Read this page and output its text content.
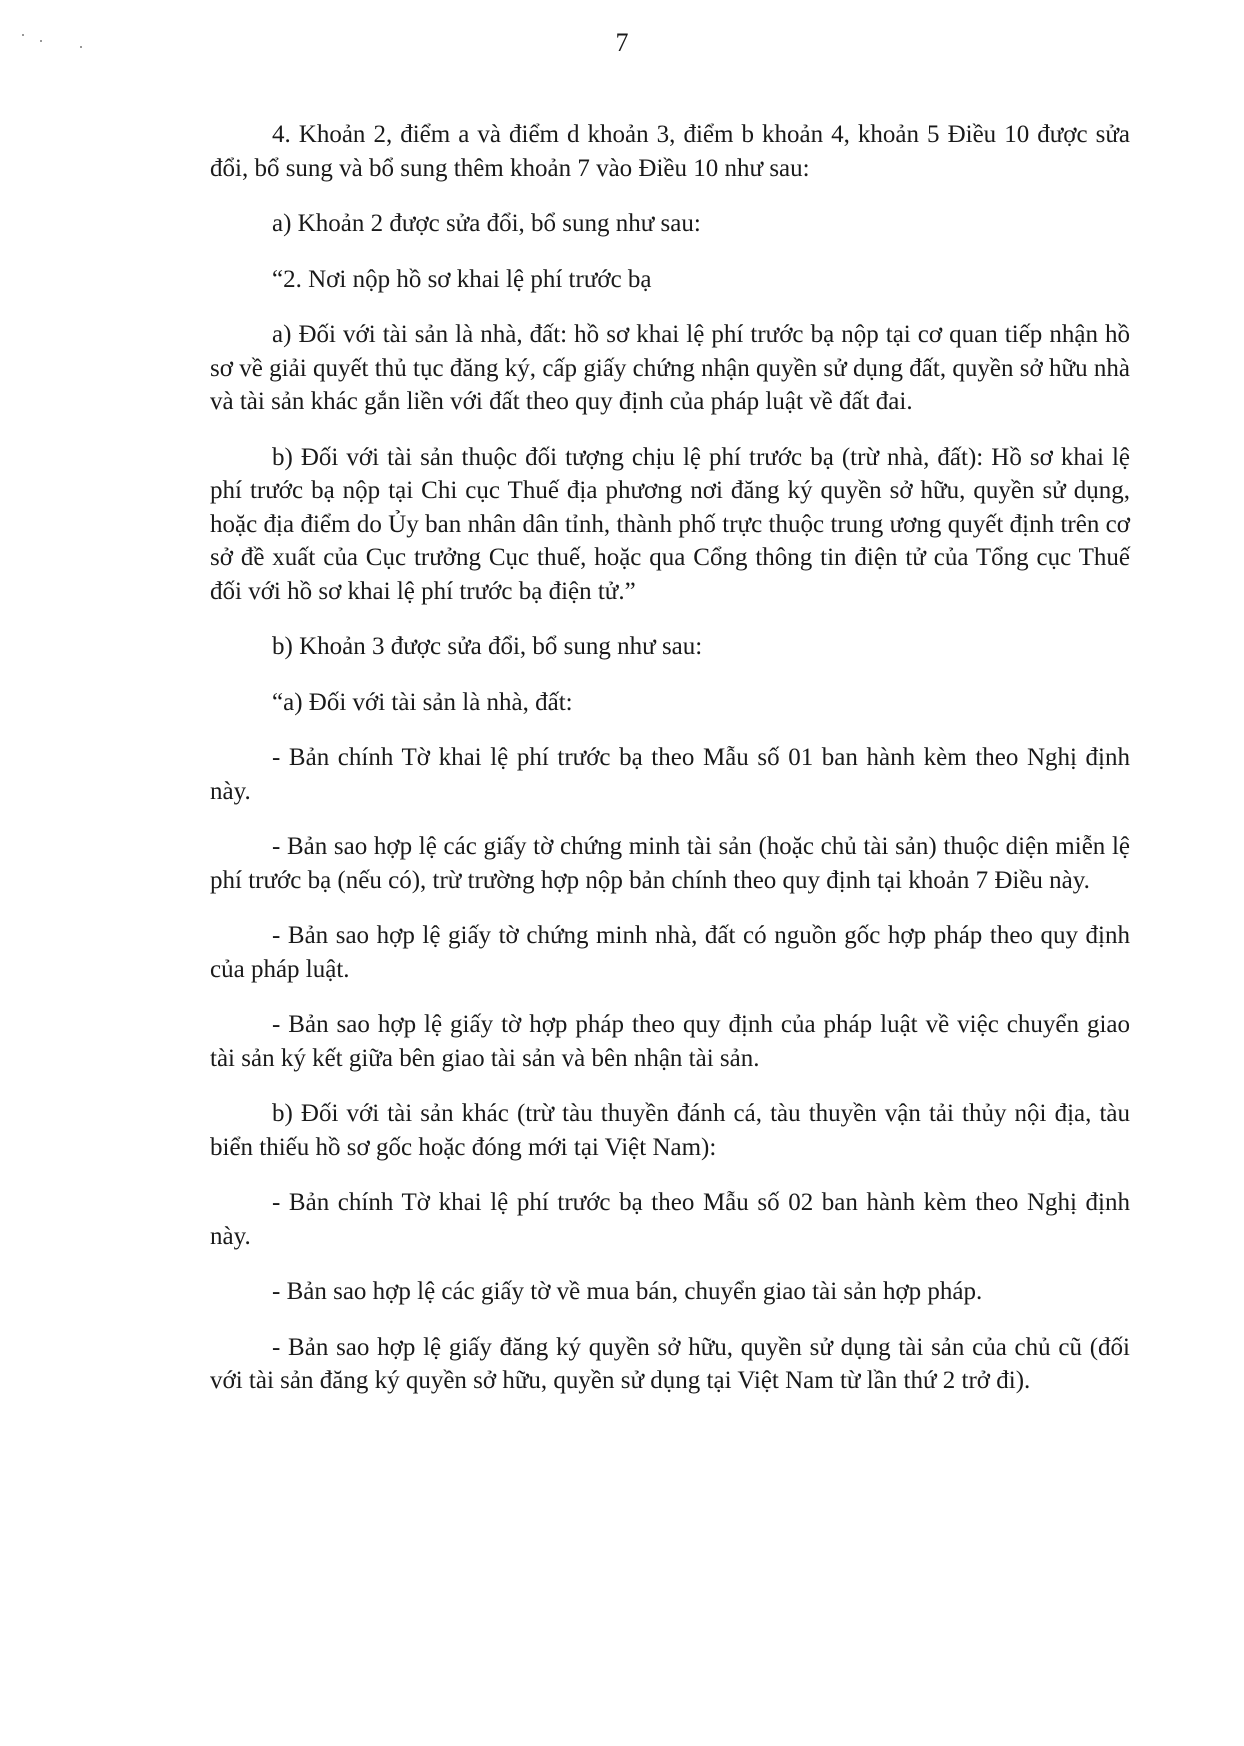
7

4. Khoản 2, điểm a và điểm d khoản 3, điểm b khoản 4, khoản 5 Điều 10 được sửa đổi, bổ sung và bổ sung thêm khoản 7 vào Điều 10 như sau:

a) Khoản 2 được sửa đổi, bổ sung như sau:

“2. Nơi nộp hồ sơ khai lệ phí trước bạ

a) Đối với tài sản là nhà, đất: hồ sơ khai lệ phí trước bạ nộp tại cơ quan tiếp nhận hồ sơ về giải quyết thủ tục đăng ký, cấp giấy chứng nhận quyền sử dụng đất, quyền sở hữu nhà và tài sản khác gắn liền với đất theo quy định của pháp luật về đất đai.

b) Đối với tài sản thuộc đối tượng chịu lệ phí trước bạ (trừ nhà, đất): Hồ sơ khai lệ phí trước bạ nộp tại Chi cục Thuế địa phương nơi đăng ký quyền sở hữu, quyền sử dụng, hoặc địa điểm do Ủy ban nhân dân tỉnh, thành phố trực thuộc trung ương quyết định trên cơ sở đề xuất của Cục trưởng Cục thuế, hoặc qua Cổng thông tin điện tử của Tổng cục Thuế đối với hồ sơ khai lệ phí trước bạ điện tử.”

b) Khoản 3 được sửa đổi, bổ sung như sau:

“a) Đối với tài sản là nhà, đất:

- Bản chính Tờ khai lệ phí trước bạ theo Mẫu số 01 ban hành kèm theo Nghị định này.

- Bản sao hợp lệ các giấy tờ chứng minh tài sản (hoặc chủ tài sản) thuộc diện miễn lệ phí trước bạ (nếu có), trừ trường hợp nộp bản chính theo quy định tại khoản 7 Điều này.

- Bản sao hợp lệ giấy tờ chứng minh nhà, đất có nguồn gốc hợp pháp theo quy định của pháp luật.

- Bản sao hợp lệ giấy tờ hợp pháp theo quy định của pháp luật về việc chuyển giao tài sản ký kết giữa bên giao tài sản và bên nhận tài sản.

b) Đối với tài sản khác (trừ tàu thuyền đánh cá, tàu thuyền vận tải thủy nội địa, tàu biển thiếu hồ sơ gốc hoặc đóng mới tại Việt Nam):

- Bản chính Tờ khai lệ phí trước bạ theo Mẫu số 02 ban hành kèm theo Nghị định này.

- Bản sao hợp lệ các giấy tờ về mua bán, chuyển giao tài sản hợp pháp.

- Bản sao hợp lệ giấy đăng ký quyền sở hữu, quyền sử dụng tài sản của chủ cũ (đối với tài sản đăng ký quyền sở hữu, quyền sử dụng tại Việt Nam từ lần thứ 2 trở đi).
